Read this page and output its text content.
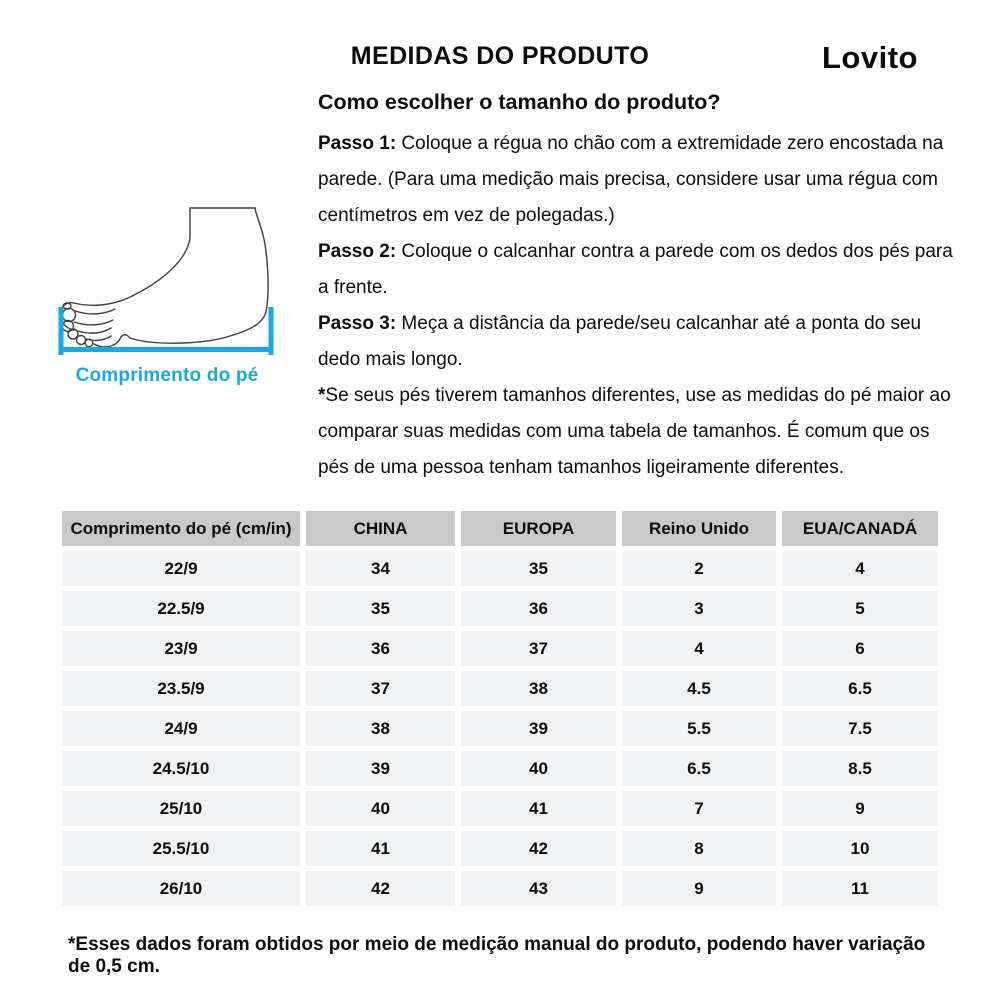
MEDIDAS DO PRODUTO	Lovito
Como escolher o tamanho do produto?

Passo 1: Coloque a régua no chão com a extremidade zero encostada na parede. (Para uma medição mais precisa, considere usar uma régua com centímetros em vez de polegadas.)

Passo 2: Coloque o calcanhar contra a parede com os dedos dos pés para a frente.

Passo 3: Meça a distância da parede/seu calcanhar até a ponta do seu dedo mais longo.

*Se seus pés tiverem tamanhos diferentes, use as medidas do pé maior ao comparar suas medidas com uma tabela de tamanhos. É comum que os pés de uma pessoa tenham tamanhos ligeiramente diferentes.

Comprimento do pé
Comprimento do pé (cm/in)	CHINA	EUROPA	Reino Unido	EUA/CANADÁ
22/9	34	35	2	4
22.5/9	35	36	3	5
23/9	36	37	4	6
23.5/9	37	38	4.5	6.5
24/9	38	39	5.5	7.5
24.5/10	39	40	6.5	8.5
25/10	40	41	7	9
25.5/10	41	42	8	10
26/10	42	43	9	11
*Esses dados foram obtidos por meio de medição manual do produto, podendo haver variação de 0,5 cm.
